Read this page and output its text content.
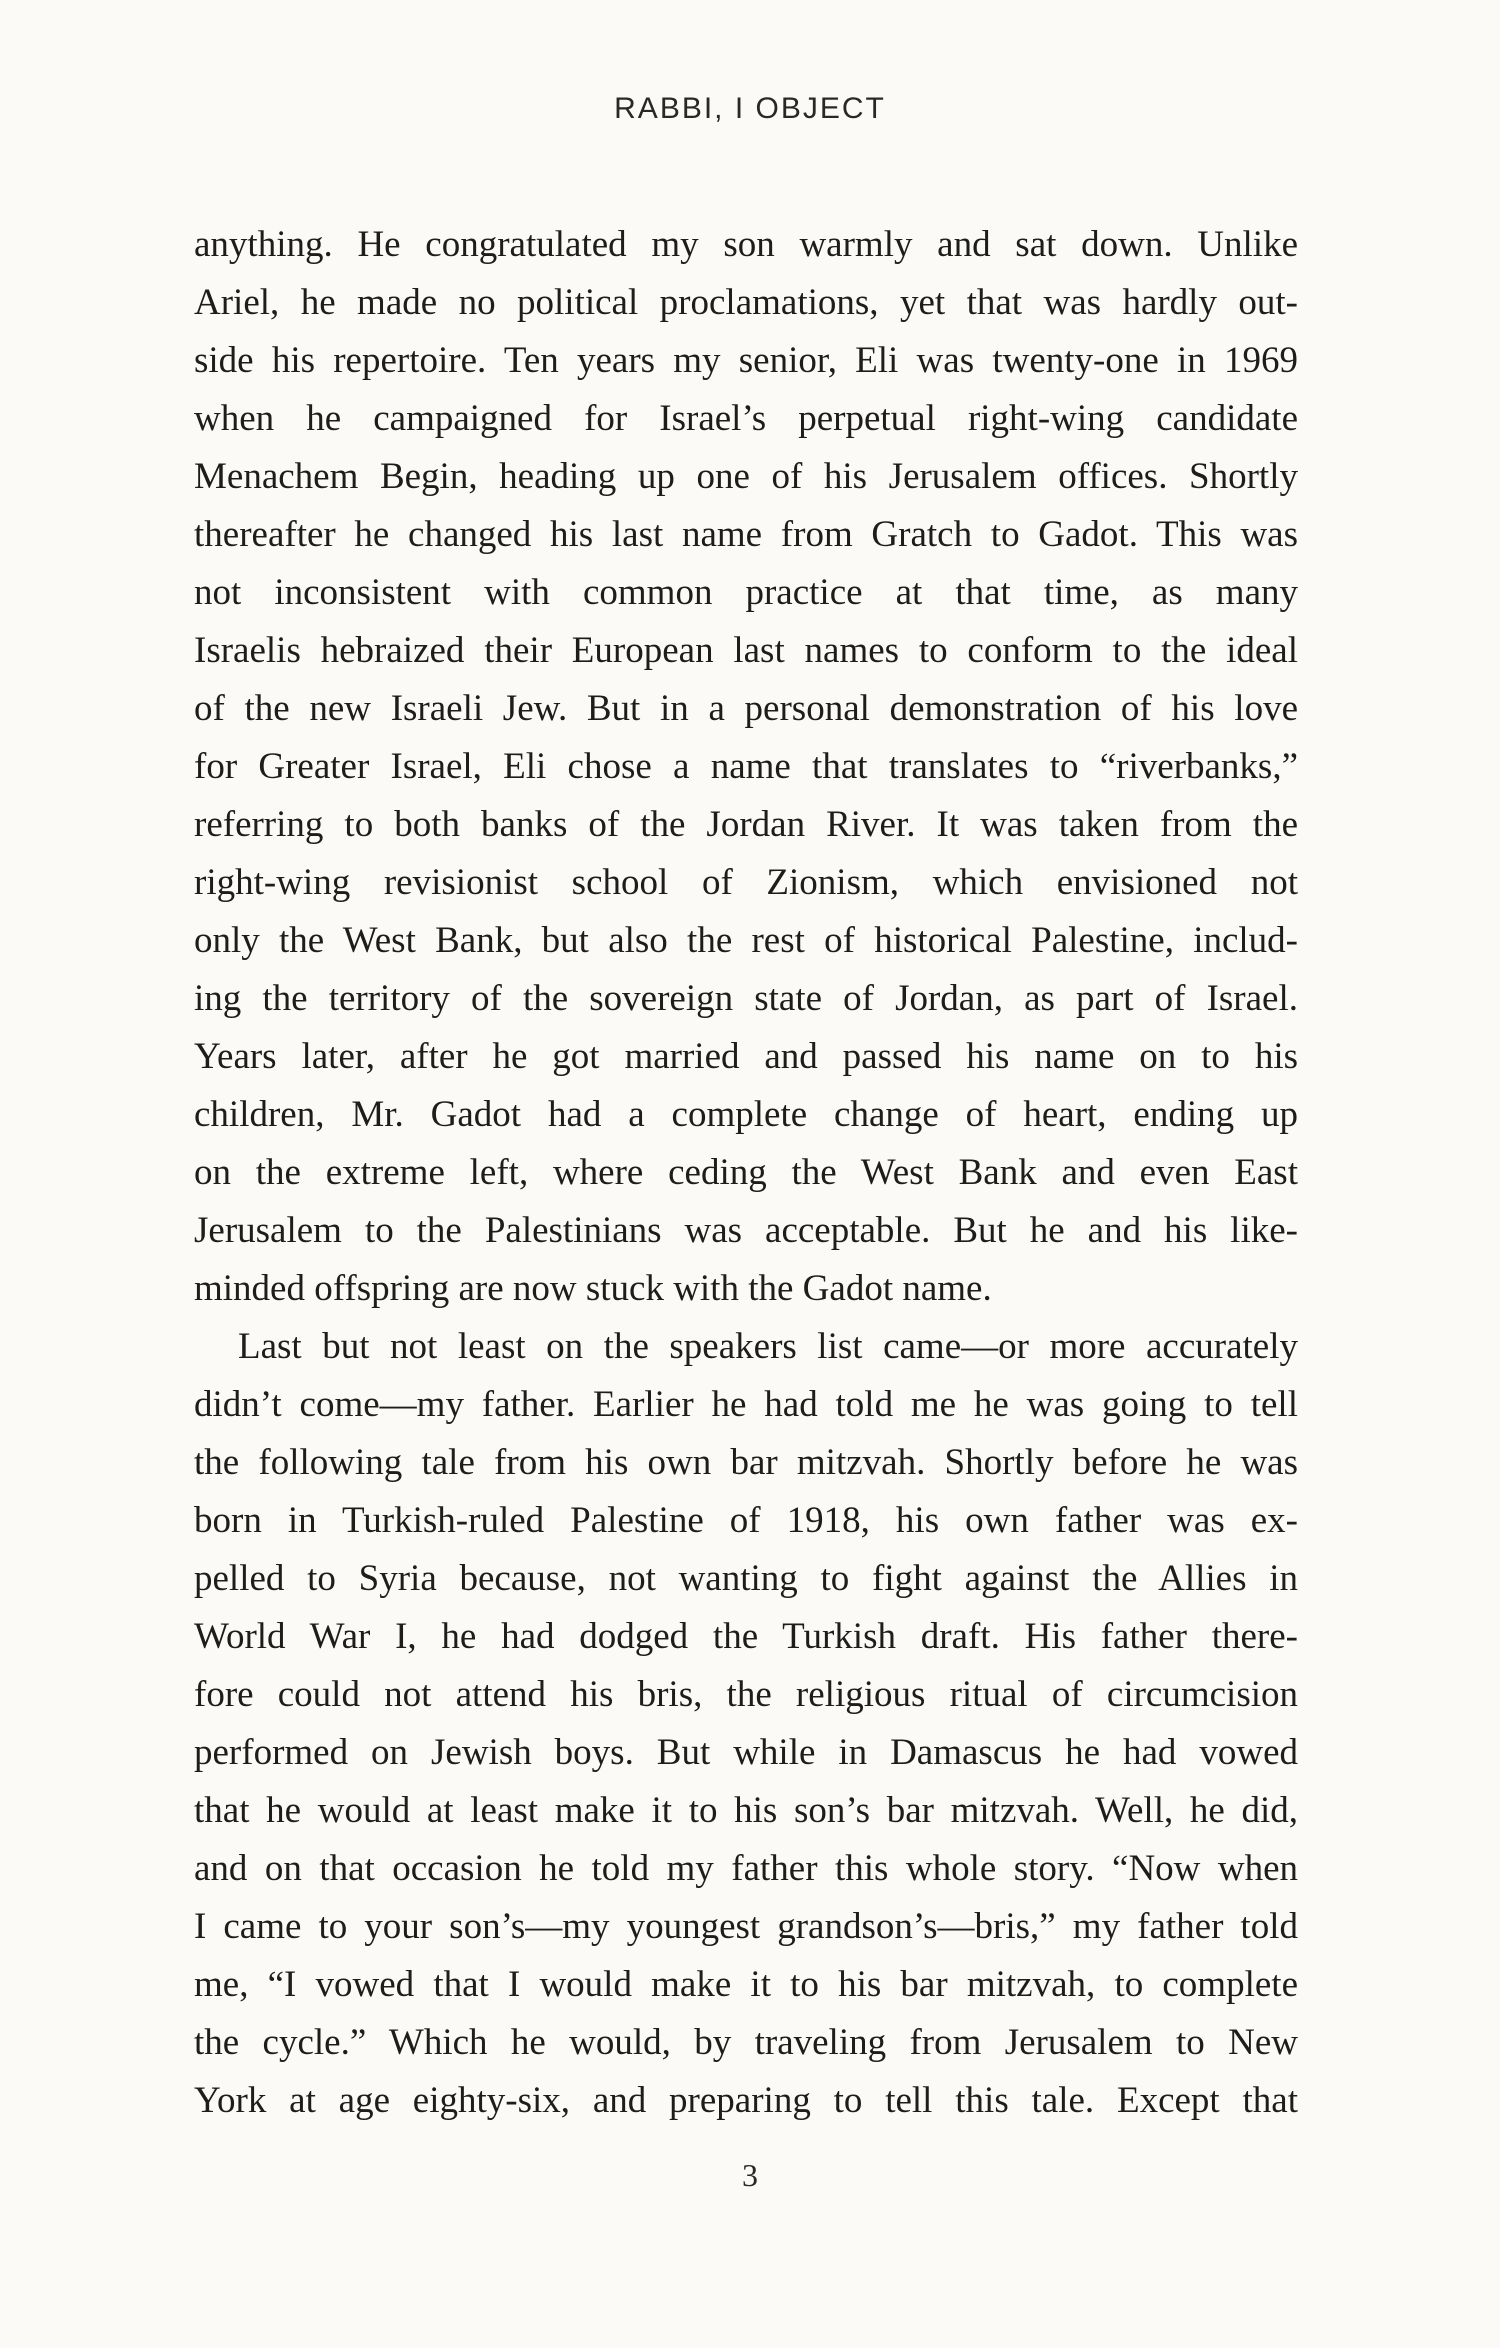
RABBI, I OBJECT
anything. He congratulated my son warmly and sat down. Unlike
Ariel, he made no political proclamations, yet that was hardly out-
side his repertoire. Ten years my senior, Eli was twenty-one in 1969
when he campaigned for Israel’s perpetual right-wing candidate
Menachem Begin, heading up one of his Jerusalem offices. Shortly
thereafter he changed his last name from Gratch to Gadot. This was
not inconsistent with common practice at that time, as many
Israelis hebraized their European last names to conform to the ideal
of the new Israeli Jew. But in a personal demonstration of his love
for Greater Israel, Eli chose a name that translates to “riverbanks,”
referring to both banks of the Jordan River. It was taken from the
right-wing revisionist school of Zionism, which envisioned not
only the West Bank, but also the rest of historical Palestine, includ-
ing the territory of the sovereign state of Jordan, as part of Israel.
Years later, after he got married and passed his name on to his
children, Mr. Gadot had a complete change of heart, ending up
on the extreme left, where ceding the West Bank and even East
Jerusalem to the Palestinians was acceptable. But he and his like-
minded offspring are now stuck with the Gadot name.
Last but not least on the speakers list came—or more accurately
didn’t come—my father. Earlier he had told me he was going to tell
the following tale from his own bar mitzvah. Shortly before he was
born in Turkish-ruled Palestine of 1918, his own father was ex-
pelled to Syria because, not wanting to fight against the Allies in
World War I, he had dodged the Turkish draft. His father there-
fore could not attend his bris, the religious ritual of circumcision
performed on Jewish boys. But while in Damascus he had vowed
that he would at least make it to his son’s bar mitzvah. Well, he did,
and on that occasion he told my father this whole story. “Now when
I came to your son’s—my youngest grandson’s—bris,” my father told
me, “I vowed that I would make it to his bar mitzvah, to complete
the cycle.” Which he would, by traveling from Jerusalem to New
York at age eighty-six, and preparing to tell this tale. Except that
3
